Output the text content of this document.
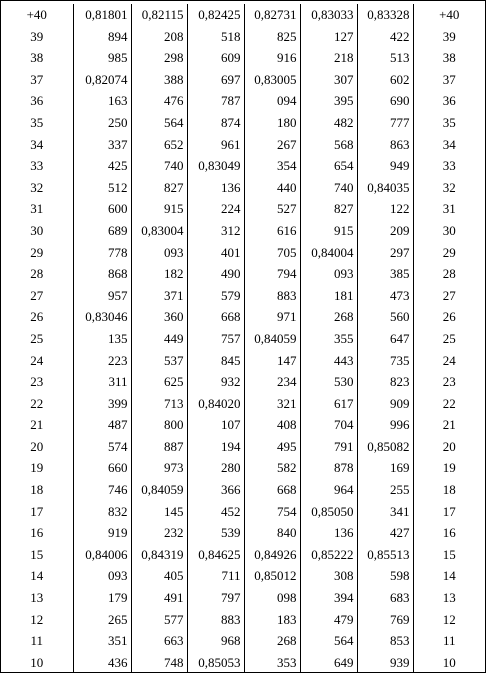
+40	0,81801	0,82115	0,82425	0,82731	0,83033	0,83328	+40
39	894	208	518	825	127	422	39
38	985	298	609	916	218	513	38
37	0,82074	388	697	0,83005	307	602	37
36	163	476	787	094	395	690	36
35	250	564	874	180	482	777	35
34	337	652	961	267	568	863	34
33	425	740	0,83049	354	654	949	33
32	512	827	136	440	740	0,84035	32
31	600	915	224	527	827	122	31
30	689	0,83004	312	616	915	209	30
29	778	093	401	705	0,84004	297	29
28	868	182	490	794	093	385	28
27	957	371	579	883	181	473	27
26	0,83046	360	668	971	268	560	26
25	135	449	757	0,84059	355	647	25
24	223	537	845	147	443	735	24
23	311	625	932	234	530	823	23
22	399	713	0,84020	321	617	909	22
21	487	800	107	408	704	996	21
20	574	887	194	495	791	0,85082	20
19	660	973	280	582	878	169	19
18	746	0,84059	366	668	964	255	18
17	832	145	452	754	0,85050	341	17
16	919	232	539	840	136	427	16
15	0,84006	0,84319	0,84625	0,84926	0,85222	0,85513	15
14	093	405	711	0,85012	308	598	14
13	179	491	797	098	394	683	13
12	265	577	883	183	479	769	12
11	351	663	968	268	564	853	11
10	436	748	0,85053	353	649	939	10
